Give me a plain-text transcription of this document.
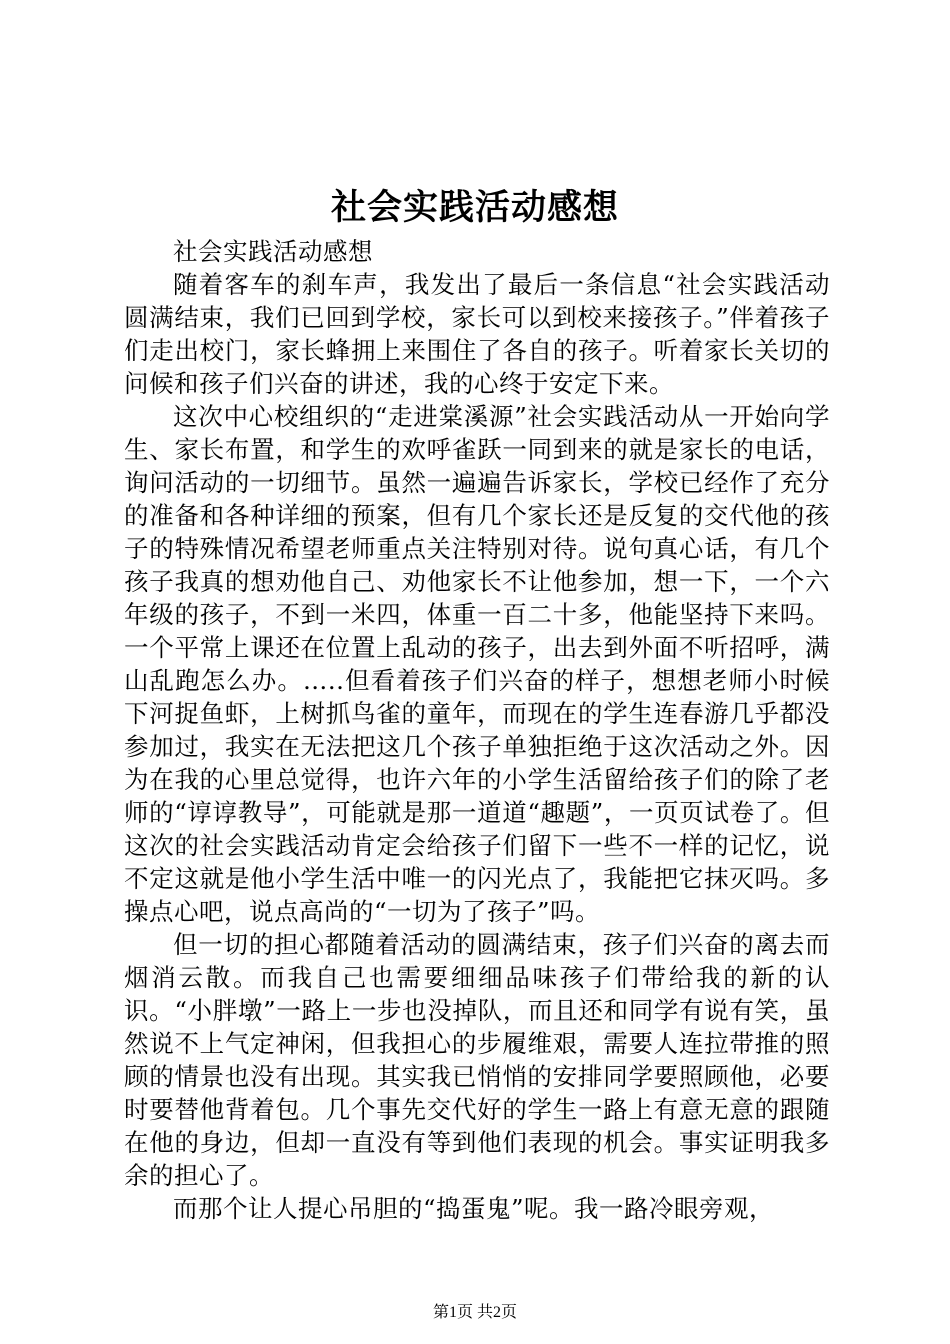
社会实践活动感想

社会实践活动感想

随着客车的刹车声，我发出了最后一条信息“社会实践活动圆满结束，我们已回到学校，家长可以到校来接孩子。”伴着孩子们走出校门，家长蜂拥上来围住了各自的孩子。听着家长关切的问候和孩子们兴奋的讲述，我的心终于安定下来。

这次中心校组织的“走进棠溪源”社会实践活动从一开始向学生、家长布置，和学生的欢呼雀跃一同到来的就是家长的电话，询问活动的一切细节。虽然一遍遍告诉家长，学校已经作了充分的准备和各种详细的预案，但有几个家长还是反复的交代他的孩子的特殊情况希望老师重点关注特别对待。说句真心话，有几个孩子我真的想劝他自己、劝他家长不让他参加，想一下，一个六年级的孩子，不到一米四，体重一百二十多，他能坚持下来吗。一个平常上课还在位置上乱动的孩子，出去到外面不听招呼，满山乱跑怎么办。…..但看着孩子们兴奋的样子，想想老师小时候下河捉鱼虾，上树抓鸟雀的童年，而现在的学生连春游几乎都没参加过，我实在无法把这几个孩子单独拒绝于这次活动之外。因为在我的心里总觉得，也许六年的小学生活留给孩子们的除了老师的“谆谆教导”，可能就是那一道道“趣题”，一页页试卷了。但这次的社会实践活动肯定会给孩子们留下一些不一样的记忆，说不定这就是他小学生活中唯一的闪光点了，我能把它抹灭吗。多操点心吧，说点高尚的“一切为了孩子”吗。

但一切的担心都随着活动的圆满结束，孩子们兴奋的离去而烟消云散。而我自己也需要细细品味孩子们带给我的新的认识。“小胖墩”一路上一步也没掉队，而且还和同学有说有笑，虽然说不上气定神闲，但我担心的步履维艰，需要人连拉带推的照顾的情景也没有出现。其实我已悄悄的安排同学要照顾他，必要时要替他背着包。几个事先交代好的学生一路上有意无意的跟随在他的身边，但却一直没有等到他们表现的机会。事实证明我多余的担心了。

而那个让人提心吊胆的“捣蛋鬼”呢。我一路冷眼旁观，

第1页 共2页
